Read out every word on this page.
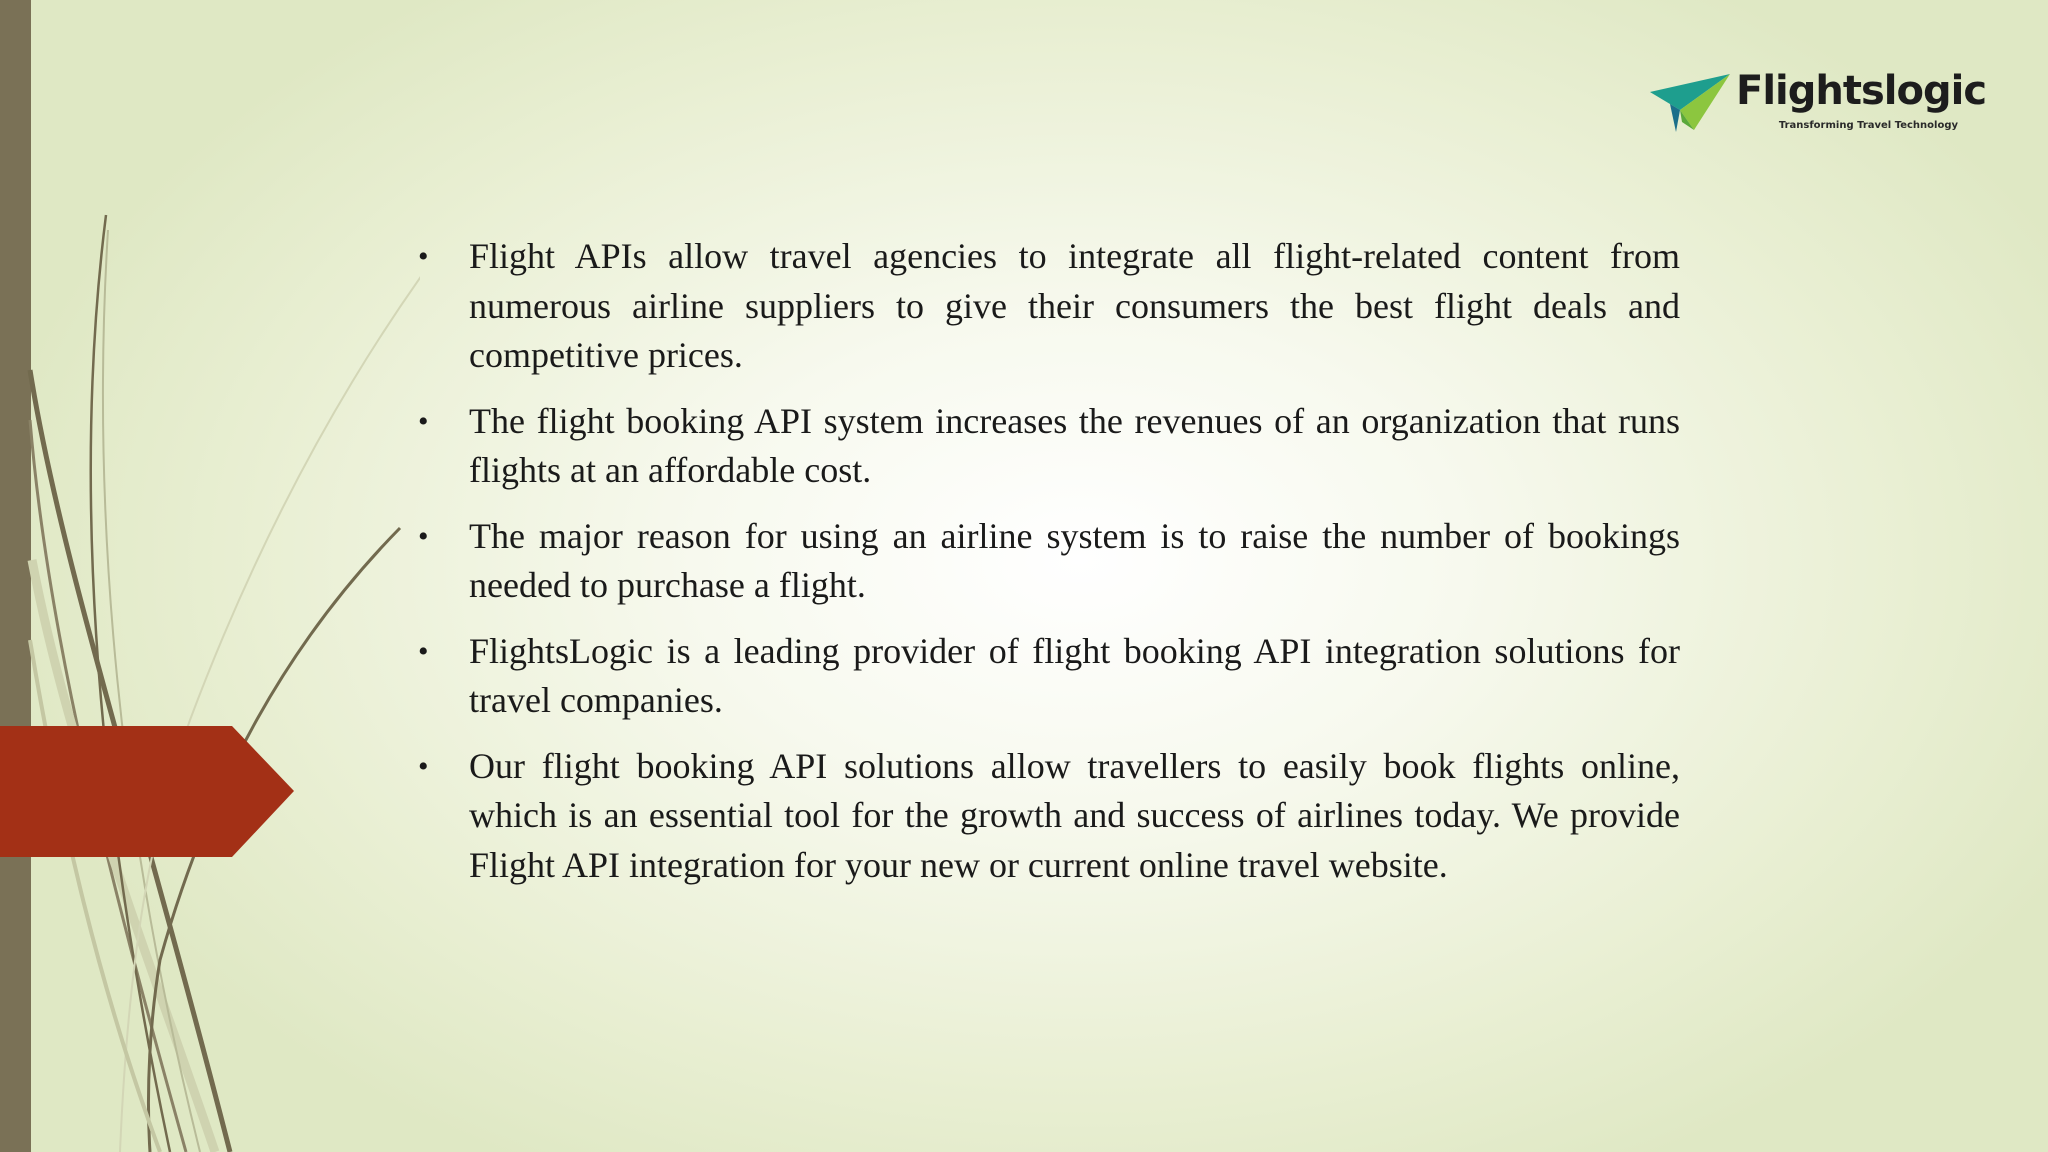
Flightslogic
Transforming Travel Technology
• Flight APIs allow travel agencies to integrate all flight-related content from numerous airline suppliers to give their consumers the best flight deals and competitive prices.
• The flight booking API system increases the revenues of an organization that runs flights at an affordable cost.
• The major reason for using an airline system is to raise the number of bookings needed to purchase a flight.
• FlightsLogic is a leading provider of flight booking API integration solutions for travel companies.
• Our flight booking API solutions allow travellers to easily book flights online, which is an essential tool for the growth and success of airlines today. We provide Flight API integration for your new or current online travel website.
